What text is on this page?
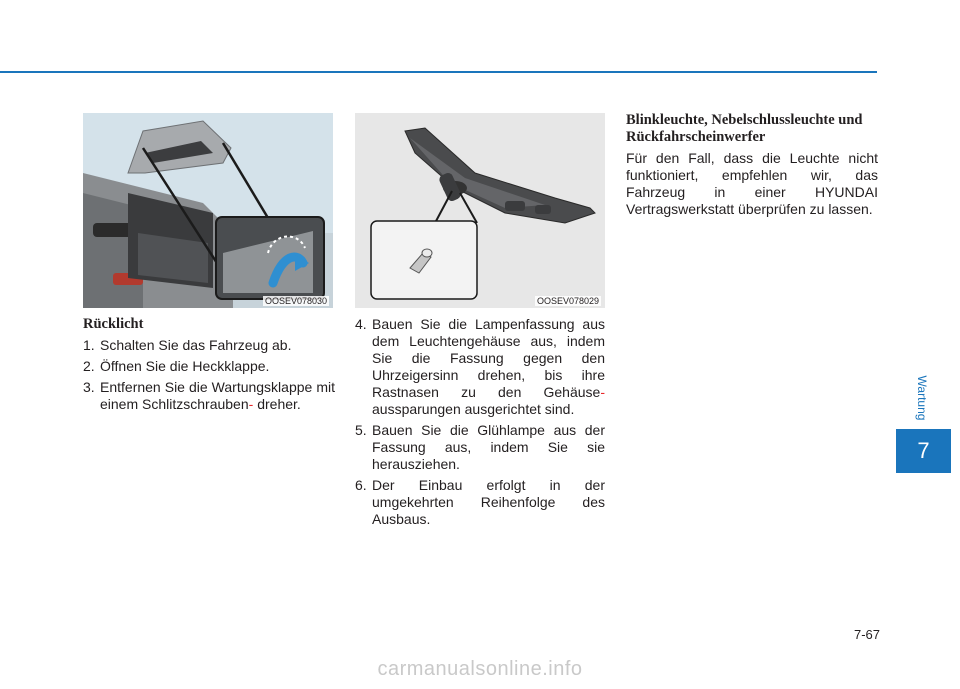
OOSEV078030	OOSEV078029
Rücklicht

1. Schalten Sie das Fahrzeug ab.

2. Öffnen Sie die Heckklappe.

3. Entfernen Sie die Wartungsklappe mit einem Schlitzschrauben- dreher.

4. Bauen Sie die Lampenfassung aus dem Leuchtengehäuse aus, indem Sie die Fassung gegen den Uhrzeigersinn drehen, bis ihre Rastnasen zu den Gehäuse- aussparungen ausgerichtet sind.

5. Bauen Sie die Glühlampe aus der Fassung aus, indem Sie sie herausziehen.

6. Der Einbau erfolgt in der umgekehrten Reihenfolge des Ausbaus.

Blinkleuchte, Nebelschlussleuchte und Rückfahrscheinwerfer

Für den Fall, dass die Leuchte nicht funktioniert, empfehlen wir, das Fahrzeug in einer HYUNDAI Vertragswerkstatt überprüfen zu lassen.

Wartung
7
7-67
carmanualsonline.info
